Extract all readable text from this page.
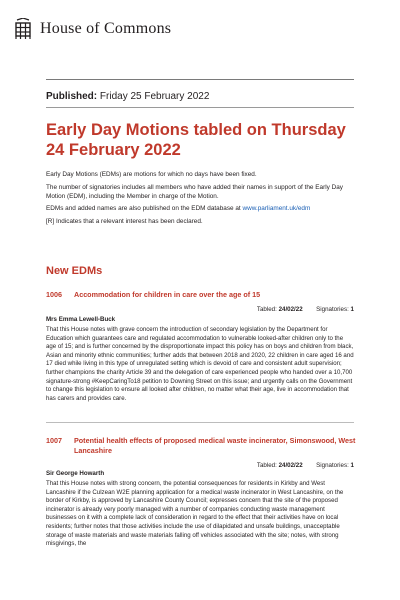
House of Commons
Published: Friday 25 February 2022
Early Day Motions tabled on Thursday 24 February 2022

Early Day Motions (EDMs) are motions for which no days have been fixed.

The number of signatories includes all members who have added their names in support of the Early Day Motion (EDM), including the Member in charge of the Motion.

EDMs and added names are also published on the EDM database at www.parliament.uk/edm

[R] Indicates that a relevant interest has been declared.

New EDMs
1006	Accommodation for children in care over the age of 15
Tabled: 24/02/22 Signatories: 1
Mrs Emma Lewell-Buck

That this House notes with grave concern the introduction of secondary legislation by the Department for Education which guarantees care and regulated accommodation to vulnerable looked-after children only to the age of 15; and is further concerned by the disproportionate impact this policy has on boys and children from black, Asian and minority ethnic communities; further adds that between 2018 and 2020, 22 children in care aged 16 and 17 died while living in this type of unregulated setting which is devoid of care and consistent adult supervision; further champions the charity Article 39 and the delegation of care experienced people who handed over a 10,700 signature-strong #KeepCaringTo18 petition to Downing Street on this issue; and urgently calls on the Government to change this legislation to ensure all looked after children, no matter what their age, live in accommodation that has carers and provides care.

1007	Potential health effects of proposed medical waste incinerator, Simonswood, West Lancashire
Tabled: 24/02/22 Signatories: 1
Sir George Howarth

That this House notes with strong concern, the potential consequences for residents in Kirkby and West Lancashire if the Culzean W2E planning application for a medical waste incinerator in West Lancashire, on the border of Kirkby, is approved by Lancashire County Council; expresses concern that the site of the proposed incinerator is already very poorly managed with a number of companies conducting waste management businesses on it with a complete lack of consideration in regard to the effect that their activities have on local residents; further notes that those activities include the use of dilapidated and unsafe buildings, unacceptable storage of waste materials and waste materials falling off vehicles associated with the site; notes, with strong misgivings, the
